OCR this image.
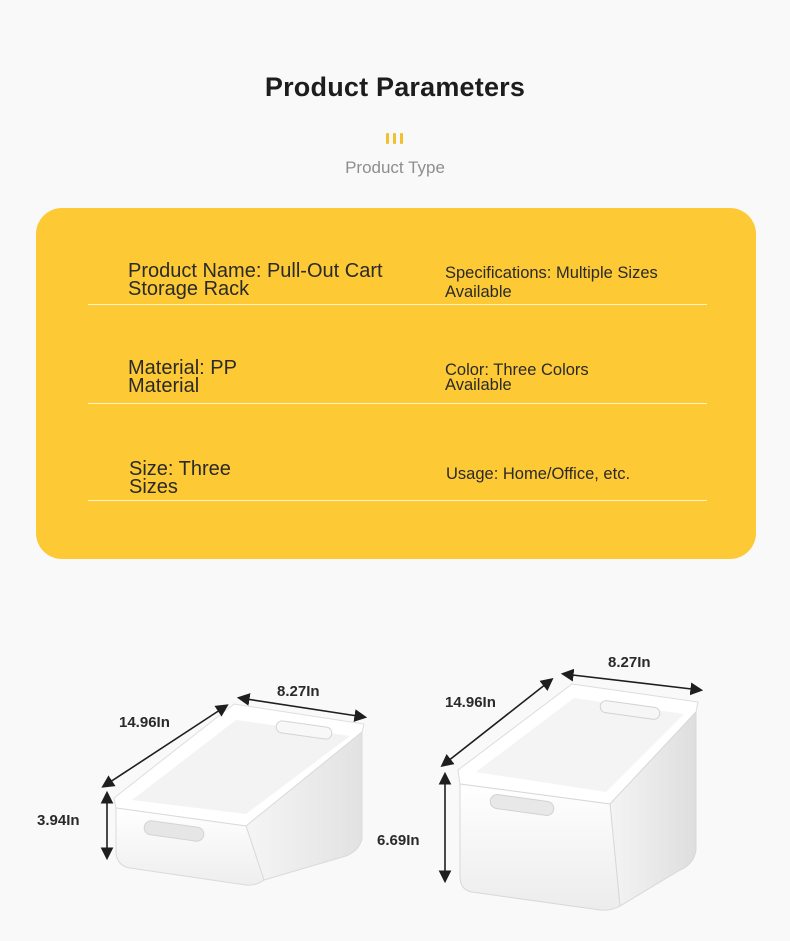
Product Parameters
Product Type
Product Name: Pull-Out Cart
Storage Rack
Specifications: Multiple Sizes
Available
Material: PP
Material
Color: Three Colors
Available
Size: Three
Sizes
Usage: Home/Office, etc.
14.96In
8.27In
3.94In
14.96In
8.27In
6.69In
